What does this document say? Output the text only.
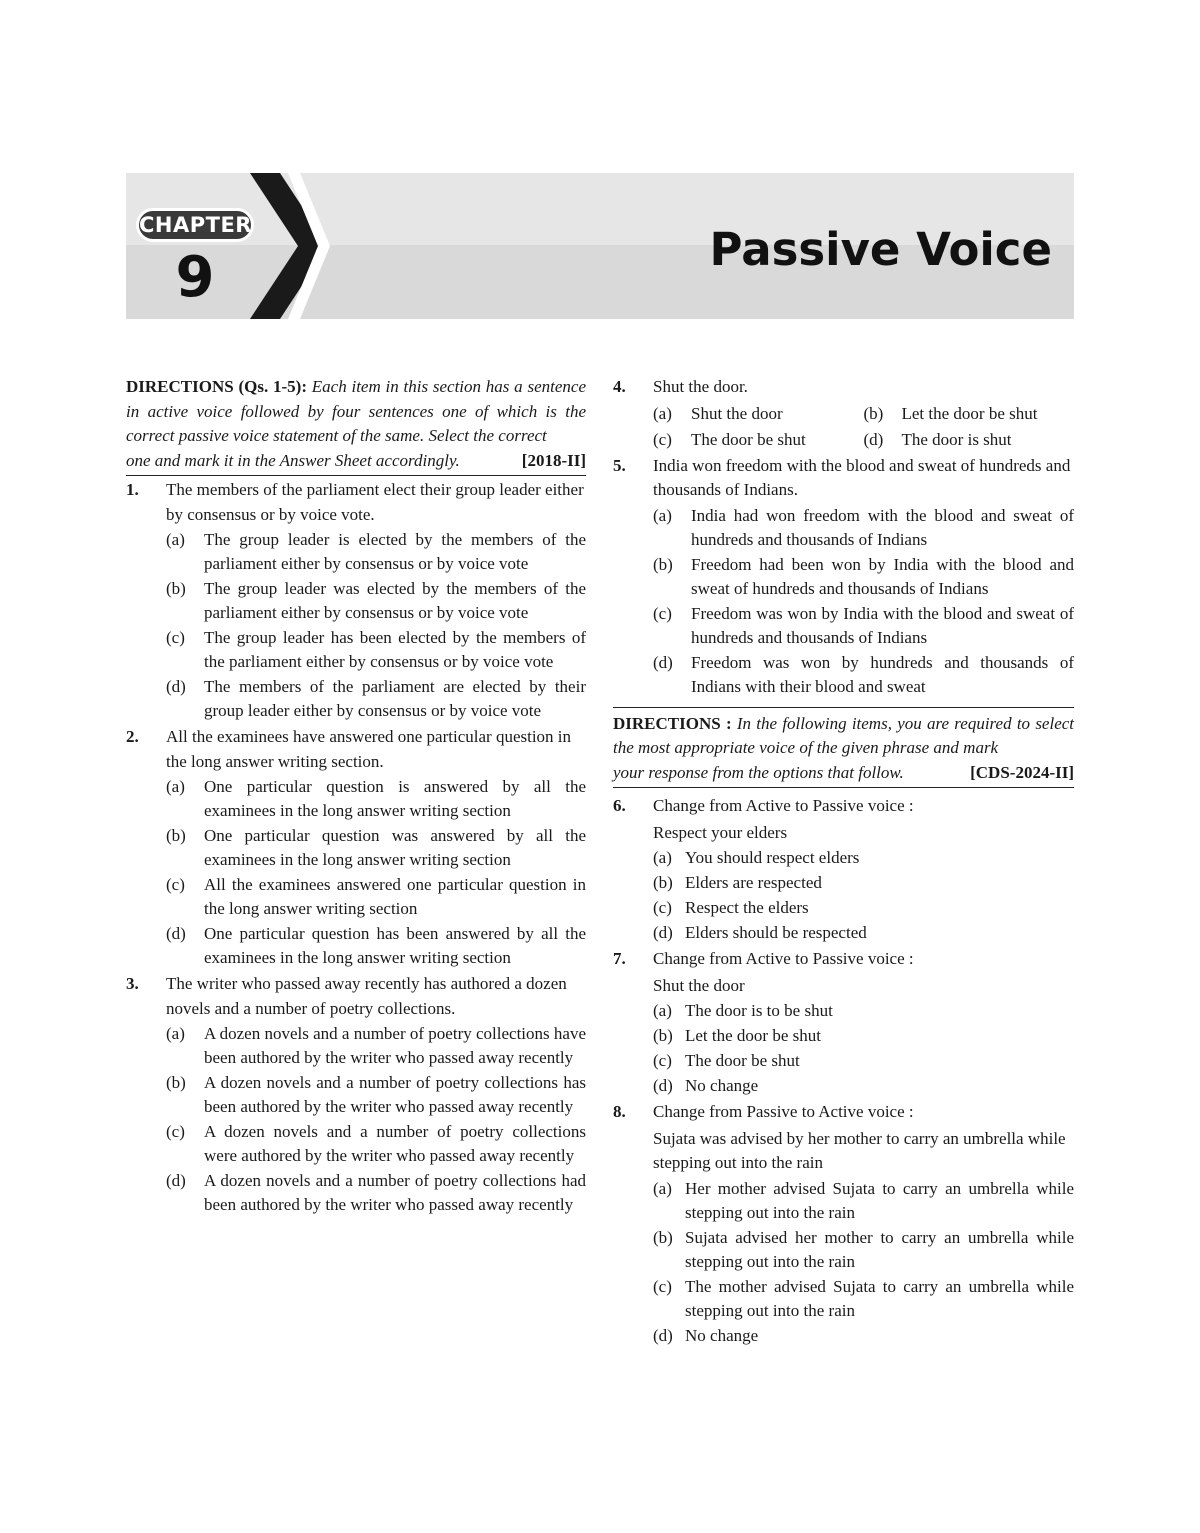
CHAPTER
9	Passive Voice
DIRECTIONS (Qs. 1-5): Each item in this section has a sentence in active voice followed by four sentences one of which is the correct passive voice statement of the same. Select the correct
one and mark it in the Answer Sheet accordingly.	[2018-II]
1.	The members of the parliament elect their group leader either by consensus or by voice vote.
(a)	The group leader is elected by the members of the parliament either by consensus or by voice vote
(b)	The group leader was elected by the members of the parliament either by consensus or by voice vote
(c)	The group leader has been elected by the members of the parliament either by consensus or by voice vote
(d)	The members of the parliament are elected by their group leader either by consensus or by voice vote
2.	All the examinees have answered one particular question in the long answer writing section.
(a)	One particular question is answered by all the examinees in the long answer writing section
(b)	One particular question was answered by all the examinees in the long answer writing section
(c)	All the examinees answered one particular question in the long answer writing section
(d)	One particular question has been answered by all the examinees in the long answer writing section
3.	The writer who passed away recently has authored a dozen novels and a number of poetry collections.
(a)	A dozen novels and a number of poetry collections have been authored by the writer who passed away recently
(b)	A dozen novels and a number of poetry collections has been authored by the writer who passed away recently
(c)	A dozen novels and a number of poetry collections were authored by the writer who passed away recently
(d)	A dozen novels and a number of poetry collections had been authored by the writer who passed away recently
4.	Shut the door.
(a)	Shut the door	(b)	Let the door be shut
(c)	The door be shut	(d)	The door is shut
5.	India won freedom with the blood and sweat of hundreds and thousands of Indians.
(a)	India had won freedom with the blood and sweat of hundreds and thousands of Indians
(b)	Freedom had been won by India with the blood and sweat of hundreds and thousands of Indians
(c)	Freedom was won by India with the blood and sweat of hundreds and thousands of Indians
(d)	Freedom was won by hundreds and thousands of Indians with their blood and sweat
DIRECTIONS : In the following items, you are required to select the most appropriate voice of the given phrase and mark
your response from the options that follow.	[CDS-2024-II]
6.	Change from Active to Passive voice :
Respect your elders
(a) You should respect elders
(b) Elders are respected
(c) Respect the elders
(d) Elders should be respected
7.	Change from Active to Passive voice :
Shut the door
(a) The door is to be shut
(b) Let the door be shut
(c) The door be shut
(d) No change
8.	Change from Passive to Active voice :
Sujata was advised by her mother to carry an umbrella while stepping out into the rain
(a) Her mother advised Sujata to carry an umbrella while stepping out into the rain
(b) Sujata advised her mother to carry an umbrella while stepping out into the rain
(c) The mother advised Sujata to carry an umbrella while stepping out into the rain
(d) No change
